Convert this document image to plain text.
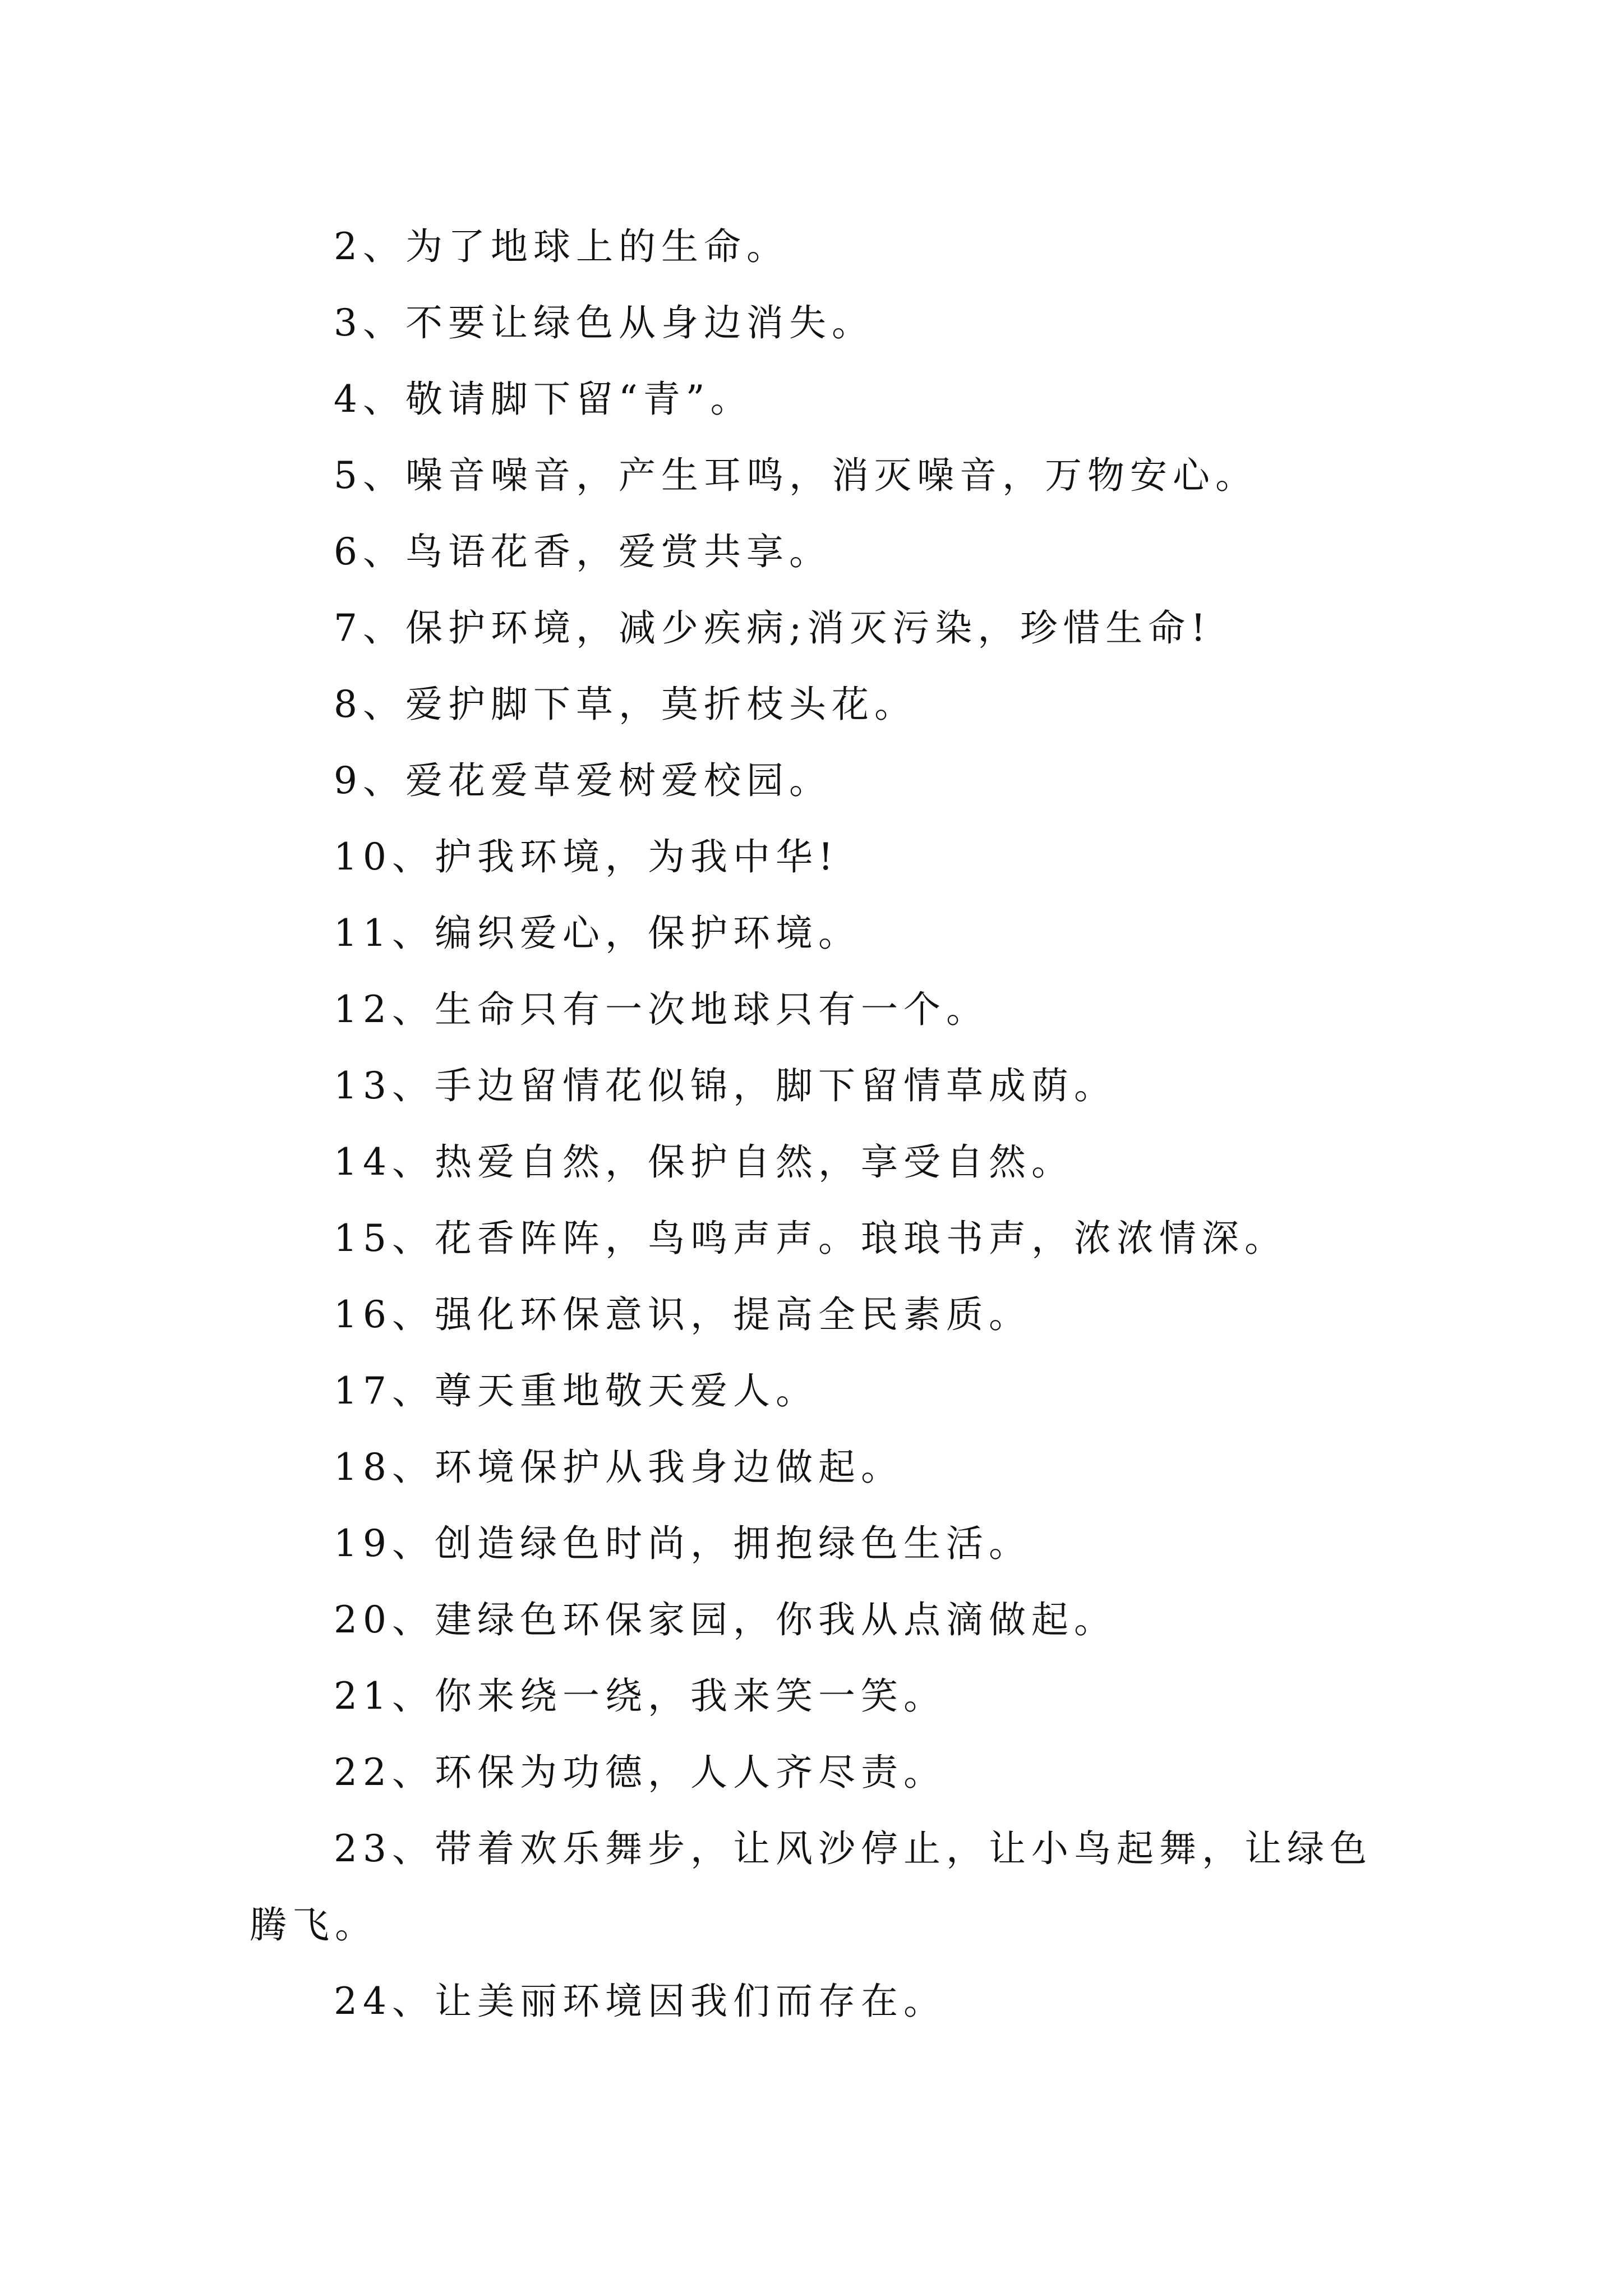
2、为了地球上的生命。

3、不要让绿色从身边消失。

4、敬请脚下留“青”。

5、噪音噪音，产生耳鸣，消灭噪音，万物安心。

6、鸟语花香，爱赏共享。

7、保护环境，减少疾病;消灭污染，珍惜生命!

8、爱护脚下草，莫折枝头花。

9、爱花爱草爱树爱校园。

10、护我环境，为我中华!

11、编织爱心，保护环境。

12、生命只有一次地球只有一个。

13、手边留情花似锦，脚下留情草成荫。

14、热爱自然，保护自然，享受自然。

15、花香阵阵，鸟鸣声声。琅琅书声，浓浓情深。

16、强化环保意识，提高全民素质。

17、尊天重地敬天爱人。

18、环境保护从我身边做起。

19、创造绿色时尚，拥抱绿色生活。

20、建绿色环保家园，你我从点滴做起。

21、你来绕一绕，我来笑一笑。

22、环保为功德，人人齐尽责。

23、带着欢乐舞步，让风沙停止，让小鸟起舞，让绿色腾飞。

24、让美丽环境因我们而存在。
